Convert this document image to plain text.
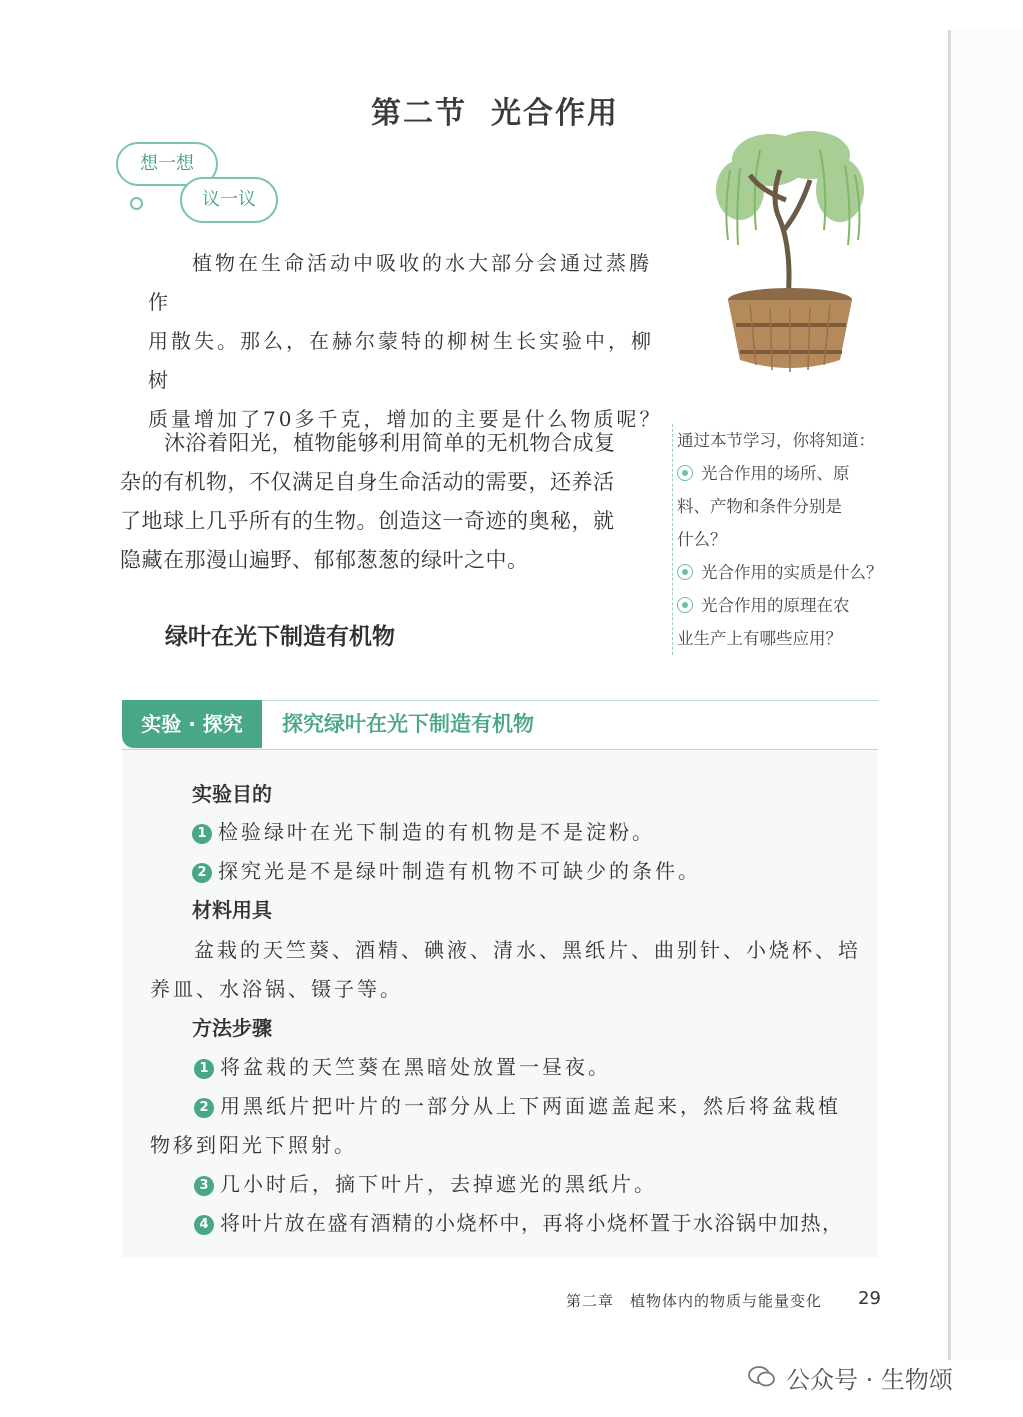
第二节 光合作用
想一想
议一议
植物在生命活动中吸收的水大部分会通过蒸腾作
用散失。那么，在赫尔蒙特的柳树生长实验中，柳树
质量增加了70多千克，增加的主要是什么物质呢？
沐浴着阳光，植物能够利用简单的无机物合成复
杂的有机物，不仅满足自身生命活动的需要，还养活
了地球上几乎所有的生物。创造这一奇迹的奥秘，就
隐藏在那漫山遍野、郁郁葱葱的绿叶之中。
通过本节学习，你将知道：
光合作用的场所、原
料、产物和条件分别是
什么？
光合作用的实质是什么？
光合作用的原理在农
业生产上有哪些应用？
绿叶在光下制造有机物
实验 · 探究	探究绿叶在光下制造有机物
实验目的
1 检验绿叶在光下制造的有机物是不是淀粉。
2 探究光是不是绿叶制造有机物不可缺少的条件。
材料用具
盆栽的天竺葵、酒精、碘液、清水、黑纸片、曲别针、小烧杯、培
养皿、水浴锅、镊子等。
方法步骤
1 将盆栽的天竺葵在黑暗处放置一昼夜。
2 用黑纸片把叶片的一部分从上下两面遮盖起来，然后将盆栽植
物移到阳光下照射。
3 几小时后，摘下叶片，去掉遮光的黑纸片。
4 将叶片放在盛有酒精的小烧杯中，再将小烧杯置于水浴锅中加热，
第二章　植物体内的物质与能量变化 29
公众号 · 生物颂
